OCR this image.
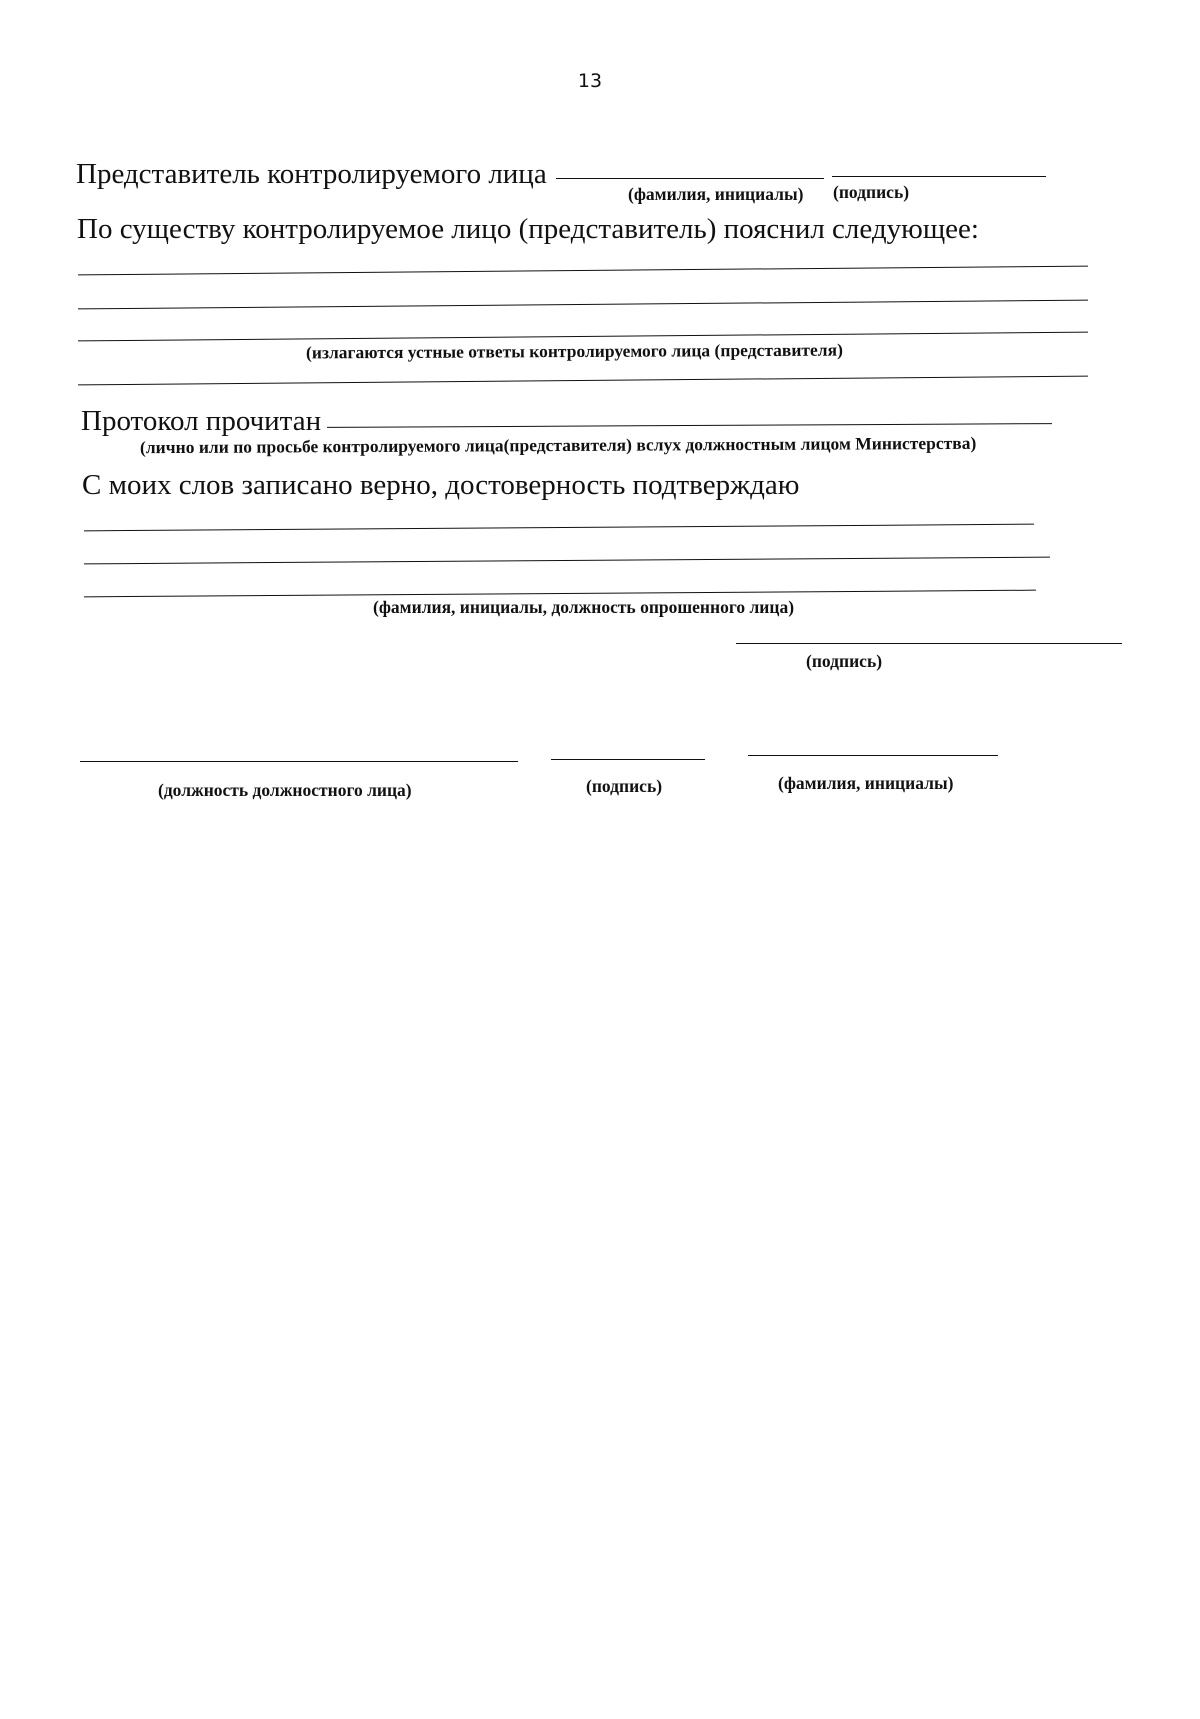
13
Представитель контролируемого лица
(фамилия, инициалы) (подпись)
По существу контролируемое лицо (представитель) пояснил следующее:
(излагаются устные ответы контролируемого лица (представителя)
Протокол прочитан
(лично или по просьбе контролируемого лица(представителя) вслух должностным лицом Министерства)
С моих слов записано верно, достоверность подтверждаю
(фамилия, инициалы, должность опрошенного лица)
(подпись)
(должность должностного лица)	(подпись)	(фамилия, инициалы)
